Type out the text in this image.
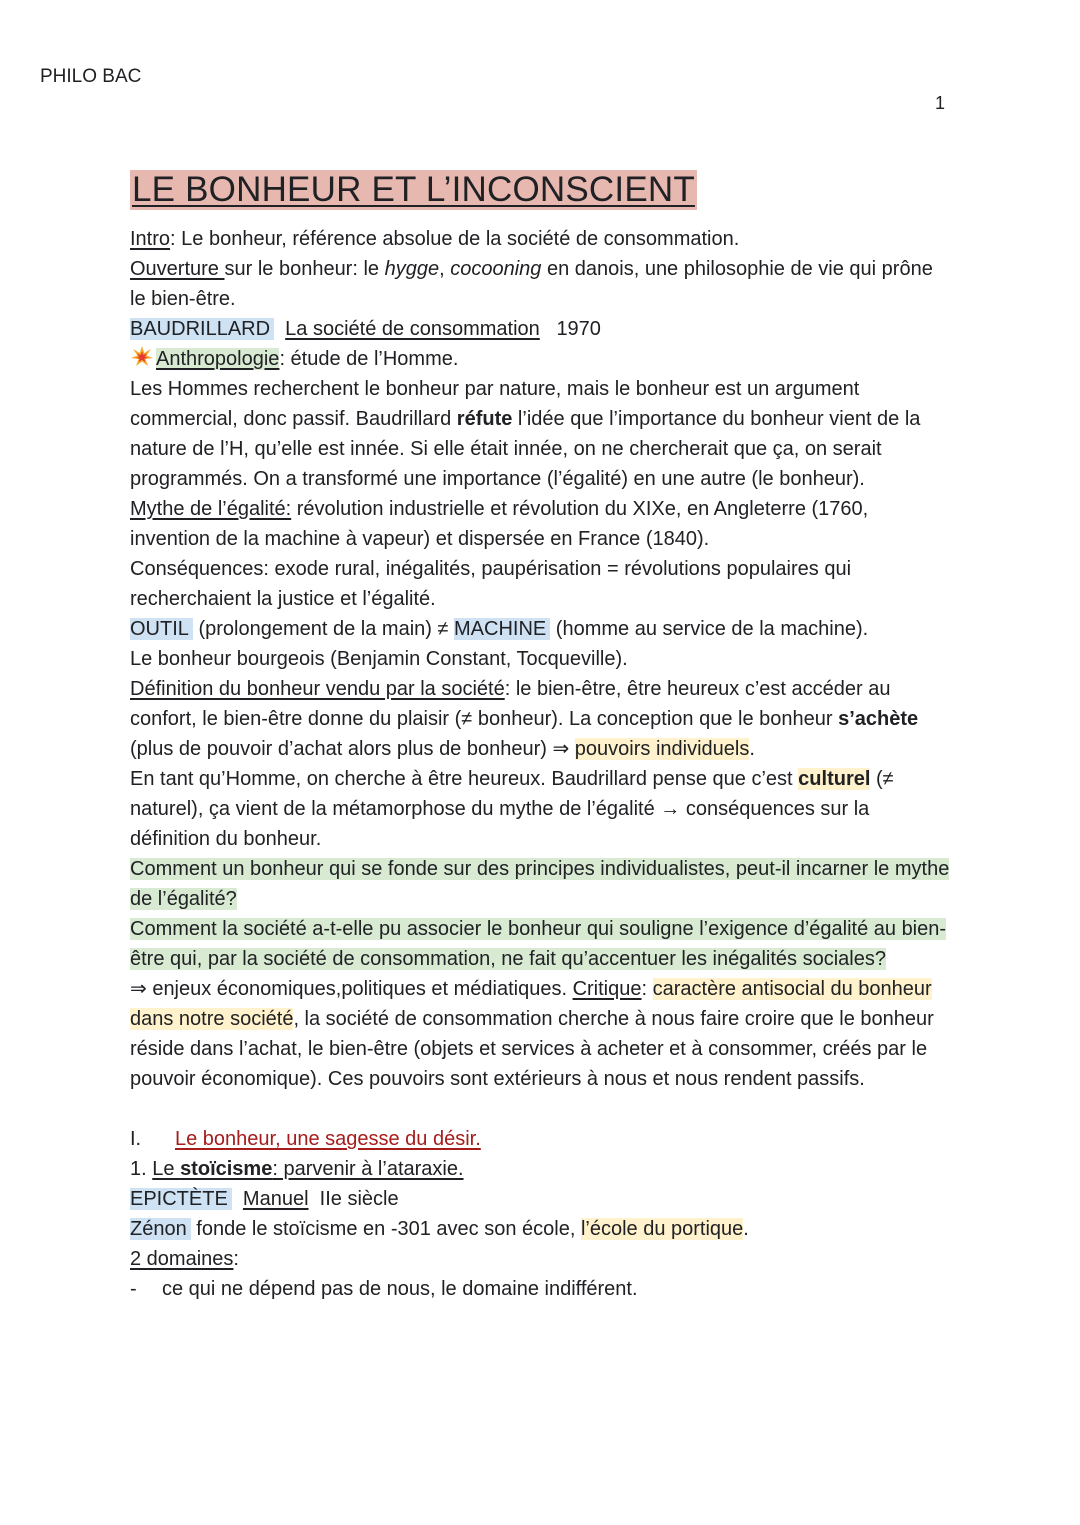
PHILO BAC
1
LE BONHEUR ET L’INCONSCIENT

Intro: Le bonheur, référence absolue de la société de consommation.

Ouverture sur le bonheur: le hygge, cocooning en danois, une philosophie de vie qui prône le bien-être.

BAUDRILLARD La société de consommation 1970

Anthropologie: étude de l’Homme.

Les Hommes recherchent le bonheur par nature, mais le bonheur est un argument commercial, donc passif. Baudrillard réfute l’idée que l’importance du bonheur vient de la nature de l’H, qu’elle est innée. Si elle était innée, on ne chercherait que ça, on serait programmés. On a transformé une importance (l’égalité) en une autre (le bonheur).

Mythe de l’égalité: révolution industrielle et révolution du XIXe, en Angleterre (1760, invention de la machine à vapeur) et dispersée en France (1840).

Conséquences: exode rural, inégalités, paupérisation = révolutions populaires qui recherchaient la justice et l’égalité.

OUTIL (prolongement de la main) ≠ MACHINE (homme au service de la machine).

Le bonheur bourgeois (Benjamin Constant, Tocqueville).

Définition du bonheur vendu par la société: le bien-être, être heureux c’est accéder au confort, le bien-être donne du plaisir (≠ bonheur). La conception que le bonheur s’achète (plus de pouvoir d’achat alors plus de bonheur) ⇒ pouvoirs individuels.

En tant qu’Homme, on cherche à être heureux. Baudrillard pense que c’est culturel (≠ naturel), ça vient de la métamorphose du mythe de l’égalité → conséquences sur la définition du bonheur.

Comment un bonheur qui se fonde sur des principes individualistes, peut-il incarner le mythe de l’égalité?

Comment la société a-t-elle pu associer le bonheur qui souligne l’exigence d’égalité au bien-être qui, par la société de consommation, ne fait qu’accentuer les inégalités sociales?

⇒ enjeux économiques,politiques et médiatiques. Critique: caractère antisocial du bonheur dans notre société, la société de consommation cherche à nous faire croire que le bonheur réside dans l’achat, le bien-être (objets et services à acheter et à consommer, créés par le pouvoir économique). Ces pouvoirs sont extérieurs à nous et nous rendent passifs.

I. Le bonheur, une sagesse du désir.

1. Le stoïcisme: parvenir à l’ataraxie.

EPICTÈTE Manuel IIe siècle

Zénon fonde le stoïcisme en -301 avec son école, l’école du portique.

2 domaines:

- ce qui ne dépend pas de nous, le domaine indifférent.
